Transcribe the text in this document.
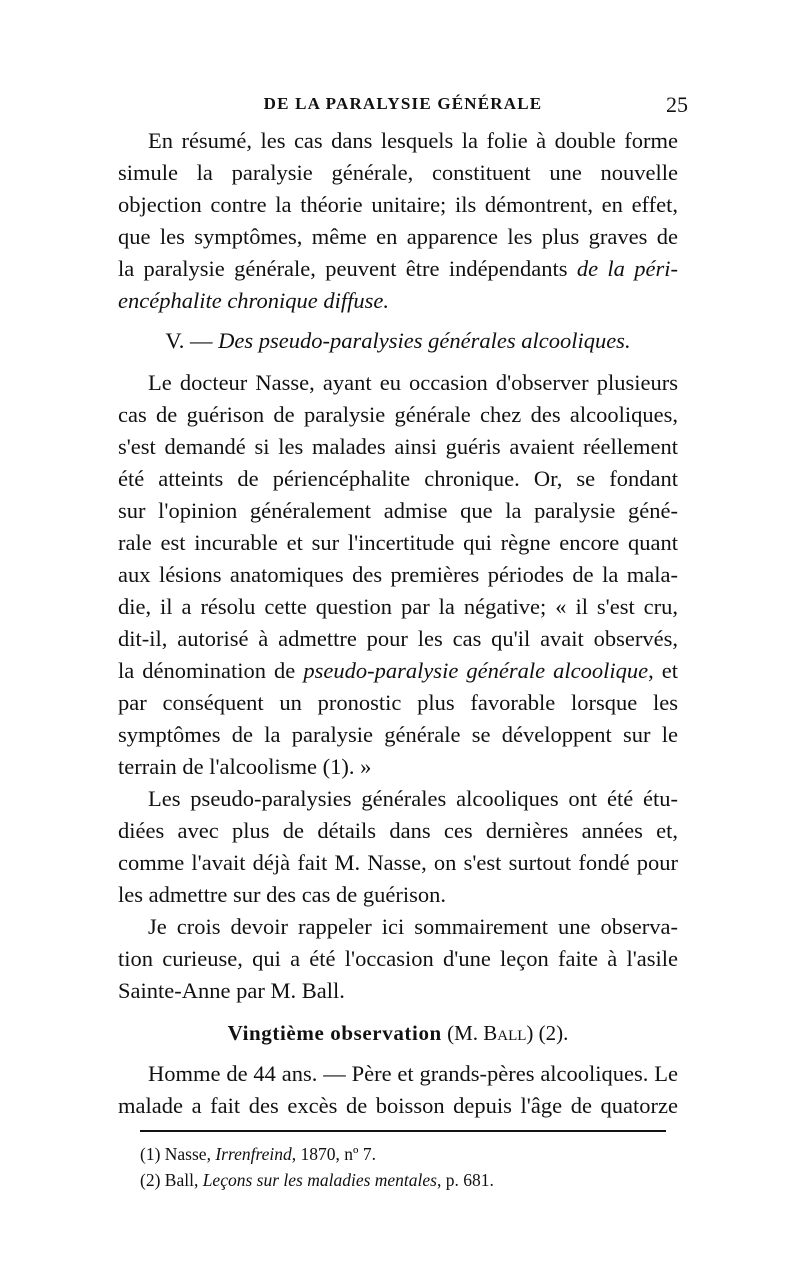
DE LA PARALYSIE GÉNÉRALE	25
En résumé, les cas dans lesquels la folie à double forme
simule la paralysie générale, constituent une nouvelle
objection contre la théorie unitaire; ils démontrent, en effet,
que les symptômes, même en apparence les plus graves de
la paralysie générale, peuvent être indépendants de la péri-
encéphalite chronique diffuse.
V. — Des pseudo-paralysies générales alcooliques.
Le docteur Nasse, ayant eu occasion d'observer plusieurs
cas de guérison de paralysie générale chez des alcooliques,
s'est demandé si les malades ainsi guéris avaient réellement
été atteints de périencéphalite chronique. Or, se fondant
sur l'opinion généralement admise que la paralysie géné-
rale est incurable et sur l'incertitude qui règne encore quant
aux lésions anatomiques des premières périodes de la mala-
die, il a résolu cette question par la négative; « il s'est cru,
dit-il, autorisé à admettre pour les cas qu'il avait observés,
la dénomination de pseudo-paralysie générale alcoolique, et
par conséquent un pronostic plus favorable lorsque les
symptômes de la paralysie générale se développent sur le
terrain de l'alcoolisme (1). »
Les pseudo-paralysies générales alcooliques ont été étu-
diées avec plus de détails dans ces dernières années et,
comme l'avait déjà fait M. Nasse, on s'est surtout fondé pour
les admettre sur des cas de guérison.
Je crois devoir rappeler ici sommairement une observa-
tion curieuse, qui a été l'occasion d'une leçon faite à l'asile
Sainte-Anne par M. Ball.
Vingtième observation (M. Ball) (2).
Homme de 44 ans. — Père et grands-pères alcooliques. Le
malade a fait des excès de boisson depuis l'âge de quatorze
(1) Nasse, Irrenfreind, 1870, nº 7.
(2) Ball, Leçons sur les maladies mentales, p. 681.
